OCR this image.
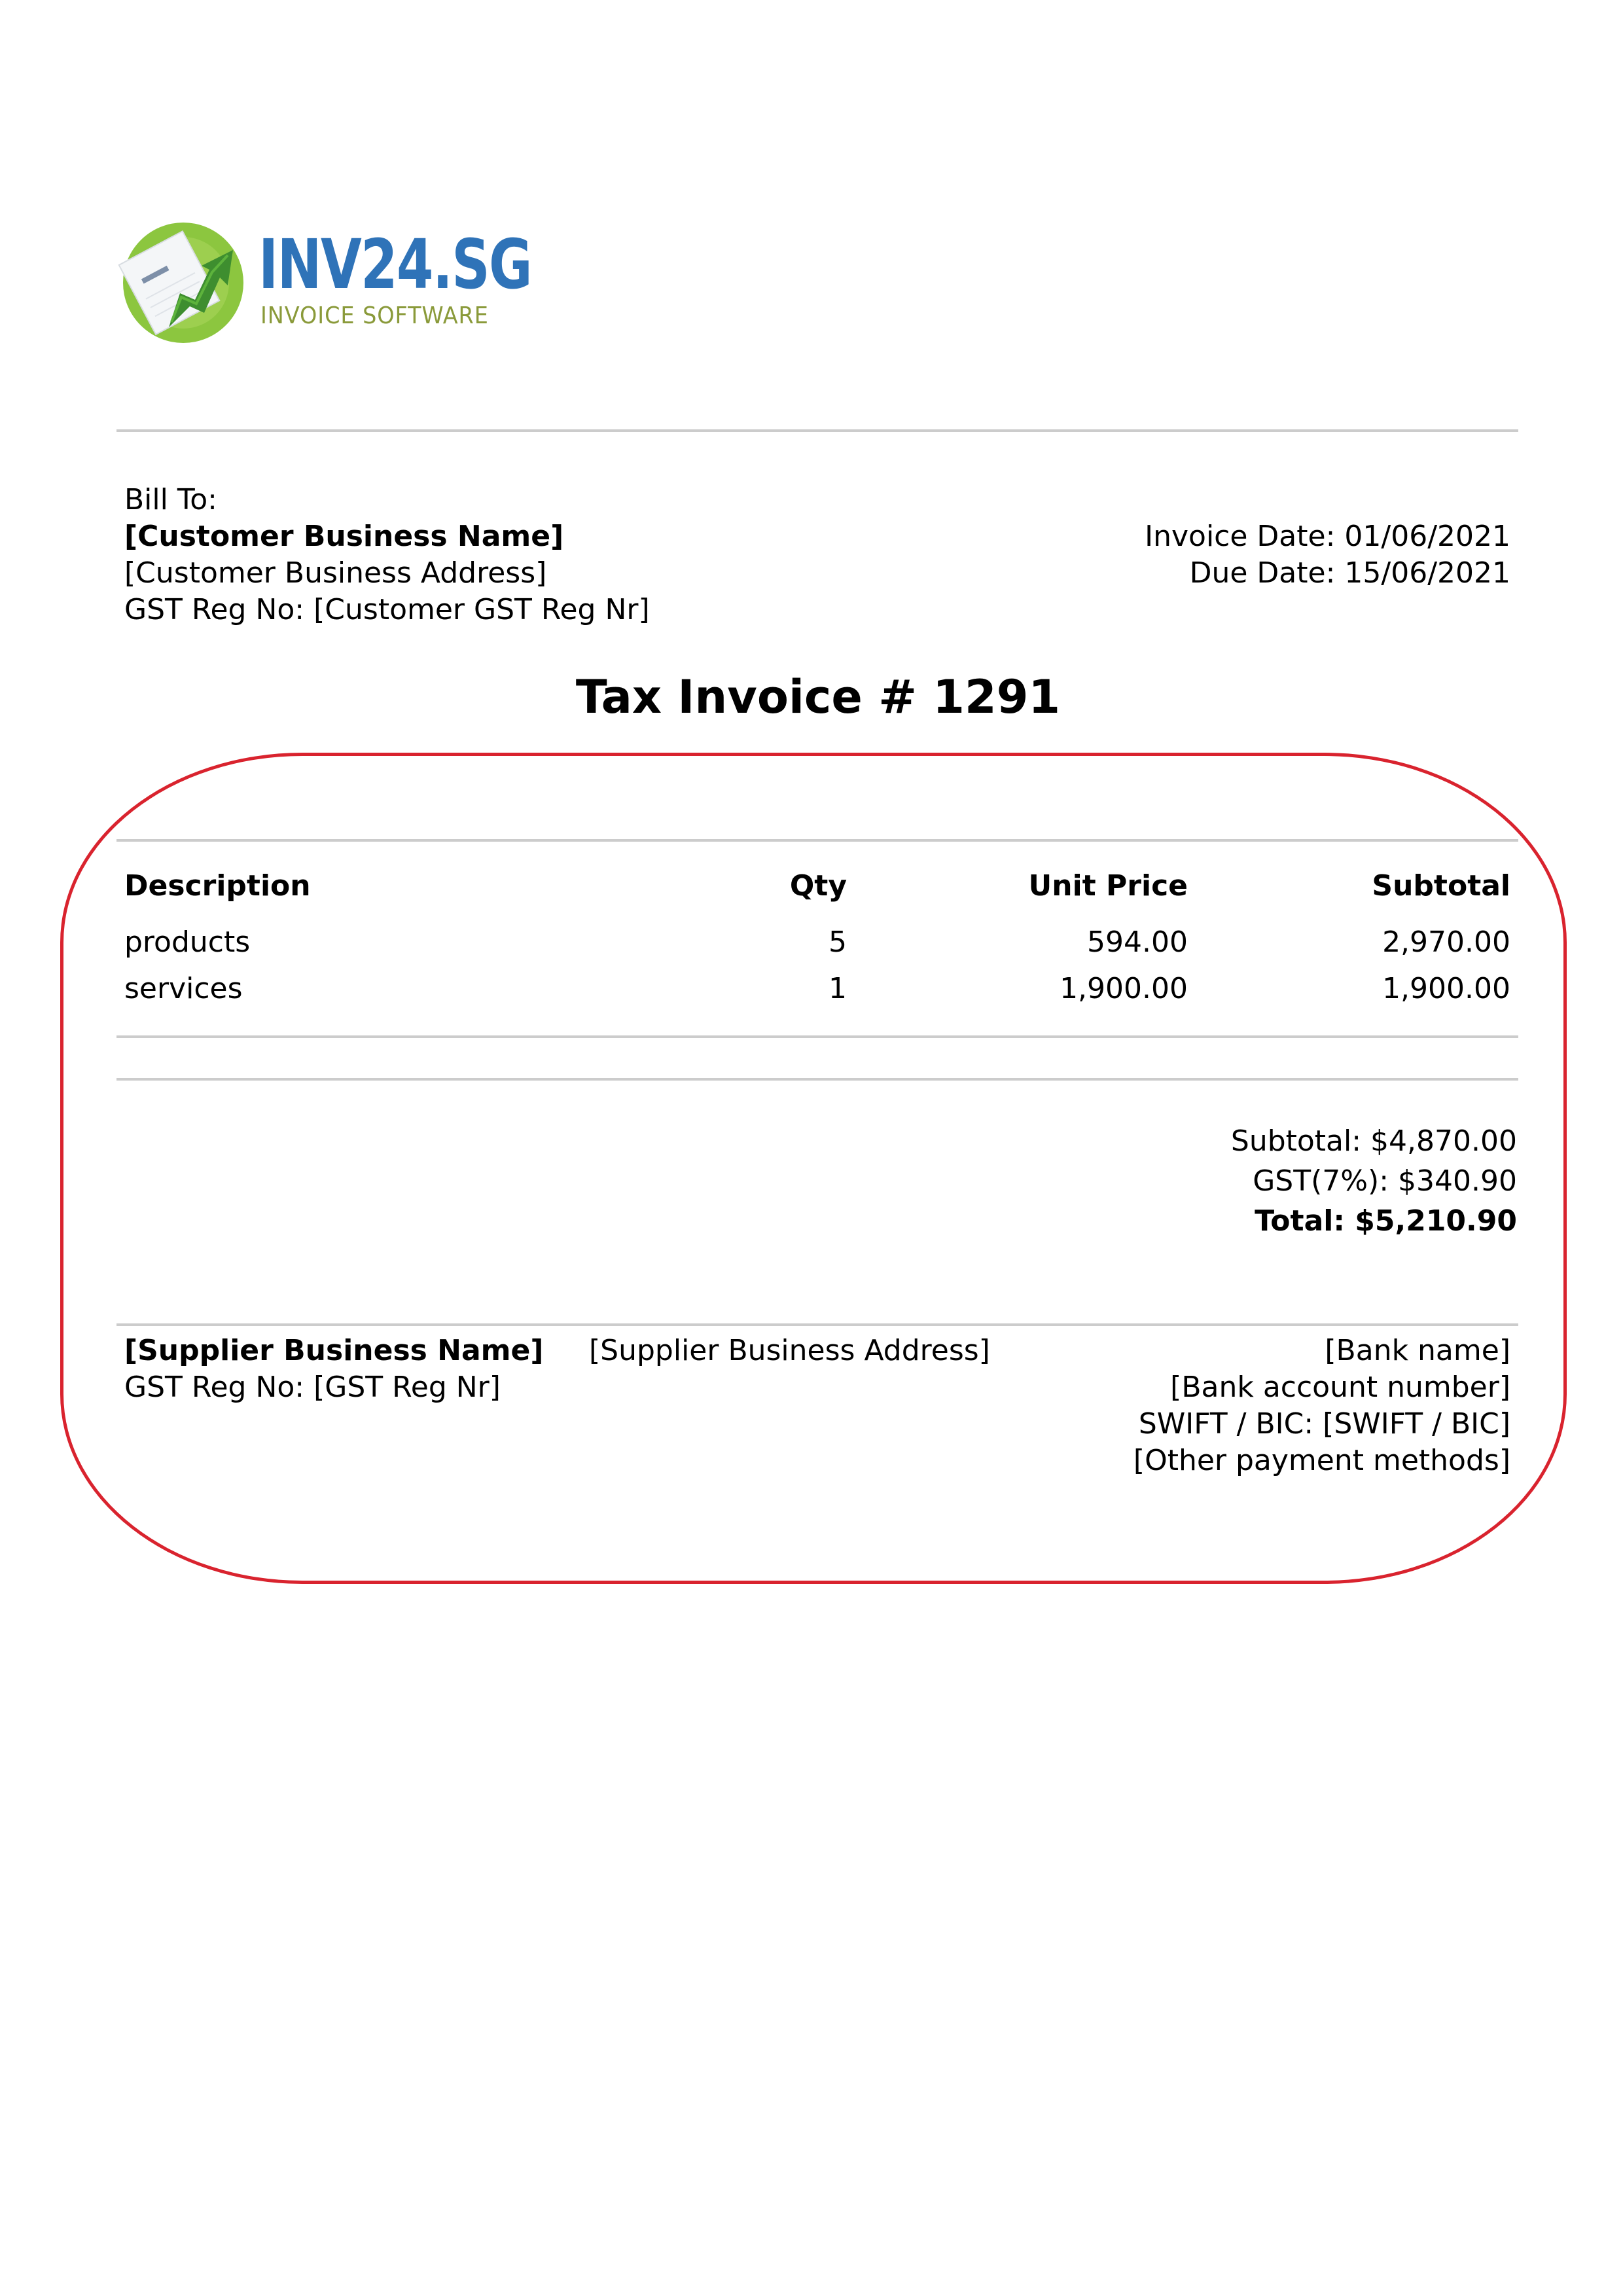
INV24.SG
INVOICE SOFTWARE
Bill To:
[Customer Business Name]
[Customer Business Address]
GST Reg No: [Customer GST Reg Nr]
Invoice Date: 01/06/2021
Due Date: 15/06/2021
Tax Invoice # 1291
Description	Qty	Unit Price	Subtotal
products	5	594.00	2,970.00
services	1	1,900.00	1,900.00
Subtotal: $4,870.00
GST(7%): $340.90
Total: $5,210.90
[Supplier Business Name]
GST Reg No: [GST Reg Nr]
[Supplier Business Address]	[Bank name]
[Bank account number]
SWIFT / BIC: [SWIFT / BIC]
[Other payment methods]
